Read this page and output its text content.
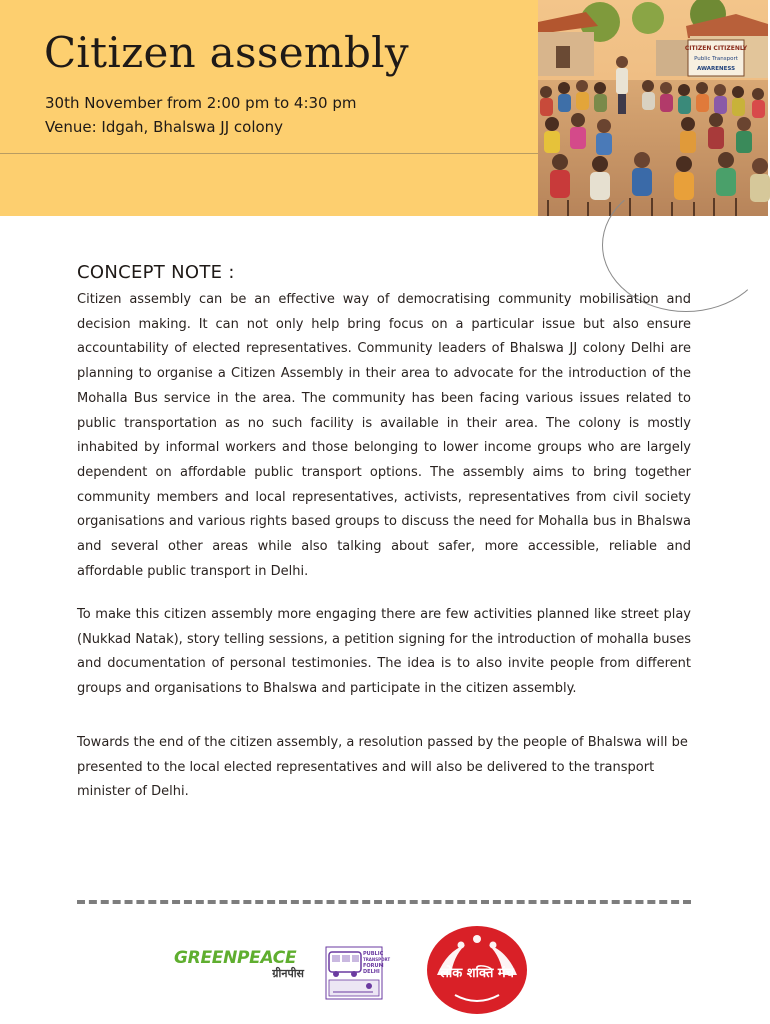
Citizen assembly
30th November from 2:00 pm to 4:30 pm
Venue: Idgah, Bhalswa JJ colony
CITIZEN CITIZENLY
Public Transport
AWARENESS
CONCEPT NOTE :

Citizen assembly can be an effective way of democratising community mobilisation and decision making. It can not only help bring focus on a particular issue but also ensure accountability of elected representatives. Community leaders of Bhalswa JJ colony Delhi are planning to organise a Citizen Assembly in their area to advocate for the introduction of the Mohalla Bus service in the area. The community has been facing various issues related to public transportation as no such facility is available in their area. The colony is mostly inhabited by informal workers and those belonging to lower income groups who are largely dependent on affordable public transport options. The assembly aims to bring together community members and local representatives, activists, representatives from civil society organisations and various rights based groups to discuss the need for Mohalla bus in Bhalswa and several other areas while also talking about safer, more accessible, reliable and affordable public transport in Delhi.

To make this citizen assembly more engaging there are few activities planned like street play (Nukkad Natak), story telling sessions, a petition signing for the introduction of mohalla buses and documentation of personal testimonies. The idea is to also invite people from different groups and organisations to Bhalswa and participate in the citizen assembly.

Towards the end of the citizen assembly, a resolution passed by the people of Bhalswa will be presented to the local elected representatives and will also be delivered to the transport minister of Delhi.

GREENPEACE
ग्रीनपीस
PUBLIC
TRANSPORT
FORUM
DELHI	लोक शक्ति मंच
